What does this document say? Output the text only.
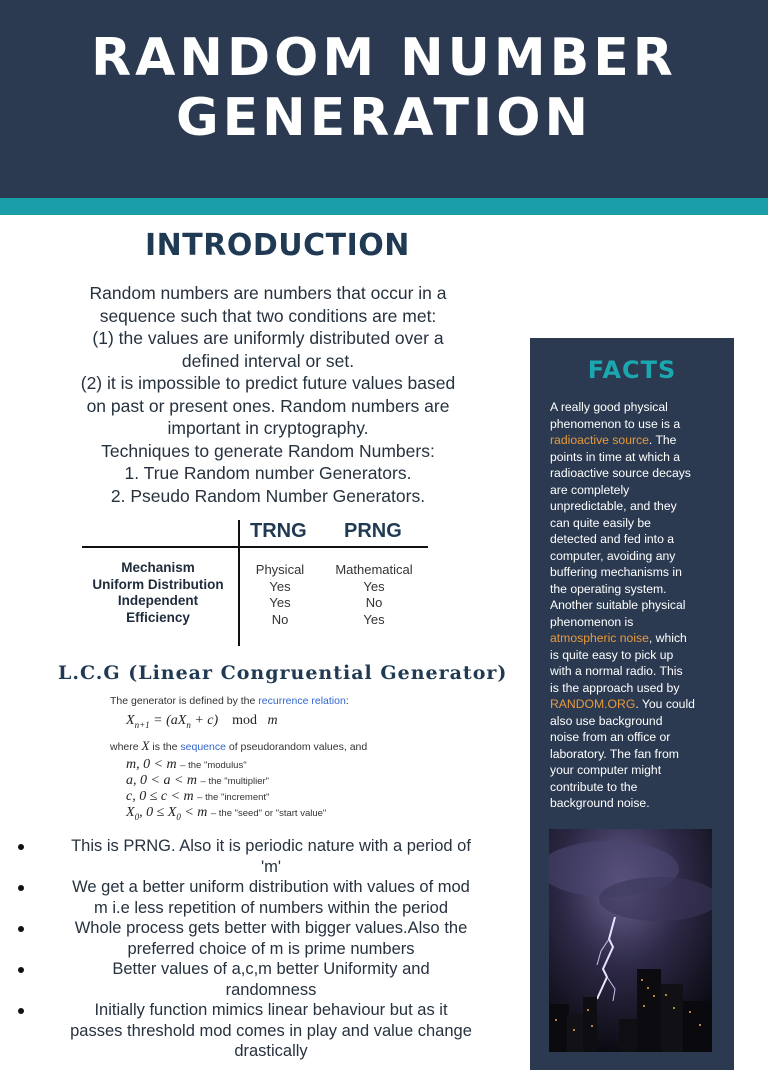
RANDOM NUMBER
GENERATION
INTRODUCTION
Random numbers are numbers that occur in a
sequence such that two conditions are met:
(1) the values are uniformly distributed over a
defined interval or set.
(2) it is impossible to predict future values based
on past or present ones. Random numbers are
important in cryptography.
Techniques to generate Random Numbers:
1. True Random number Generators.
2. Pseudo Random Number Generators.
TRNG PRNG
Mechanism
Uniform Distribution
Independent
Efficiency
Physical
Yes
Yes
No
Mathematical
Yes
No
Yes
L.C.G (Linear Congruential Generator)
The generator is defined by the recurrence relation:
$X_{n+1} = (aX_n + c)$    mod   m
where X is the sequence of pseudorandom values, and
m, 0 < m – the "modulus"
a, 0 < a < m – the "multiplier"
c, 0 ≤ c < m – the "increment"
$X_0$, $0 \le X_0 < m$ – the "seed" or "start value"
This is PRNG. Also it is periodic nature with a period of
'm'
We get a better uniform distribution with values of mod
m i.e less repetition of numbers within the period
Whole process gets better with bigger values.Also the
preferred choice of m is prime numbers
Better values of a,c,m better Uniformity and
randomness
Initially function mimics linear behaviour but as it
passes threshold mod comes in play and value change
drastically
FACTS
A really good physical
phenomenon to use is a
radioactive source. The
points in time at which a
radioactive source decays
are completely
unpredictable, and they
can quite easily be
detected and fed into a
computer, avoiding any
buffering mechanisms in
the operating system.
Another suitable physical
phenomenon is
atmospheric noise, which
is quite easy to pick up
with a normal radio. This
is the approach used by
RANDOM.ORG. You could
also use background
noise from an office or
laboratory. The fan from
your computer might
contribute to the
background noise.
